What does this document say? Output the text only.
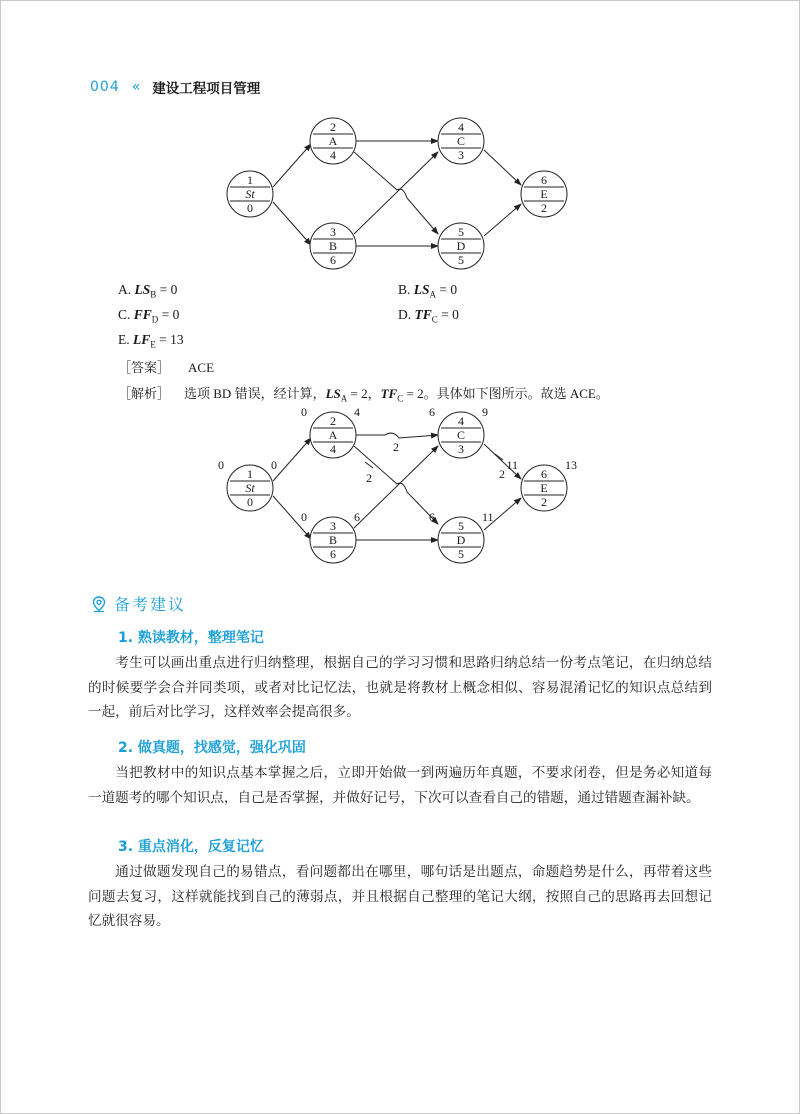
004 « 建设工程项目管理
1
St
0
2
A
4
3
B
6
4
C
3
5
D
5
6
E
2
A. $LS_B = 0$	B. $LS_A = 0$
C. $FF_D = 0$	D. $TF_C = 0$
E. $LF_E = 13$
［答案］ ACE
［解析］ 选项 BD 错误，经计算，$LS_A = 2$，$TF_C = 2$。具体如下图所示。故选 ACE。
1
St
0
0	0
2
A
4
0	4
3
B
6
0	6
4
C
3
6	9
5
D
5
6	11
6
E
2
11	13
2
2	2
备考建议
1. 熟读教材，整理笔记
考生可以画出重点进行归纳整理，根据自己的学习习惯和思路归纳总结一份考点笔记，在归纳总结的时候要学会合并同类项，或者对比记忆法，也就是将教材上概念相似、容易混淆记忆的知识点总结到一起，前后对比学习，这样效率会提高很多。
2. 做真题，找感觉，强化巩固
当把教材中的知识点基本掌握之后，立即开始做一到两遍历年真题，不要求闭卷，但是务必知道每一道题考的哪个知识点，自己是否掌握，并做好记号，下次可以查看自己的错题，通过错题查漏补缺。
3. 重点消化，反复记忆
通过做题发现自己的易错点，看问题都出在哪里，哪句话是出题点，命题趋势是什么，再带着这些问题去复习，这样就能找到自己的薄弱点，并且根据自己整理的笔记大纲，按照自己的思路再去回想记忆就很容易。
